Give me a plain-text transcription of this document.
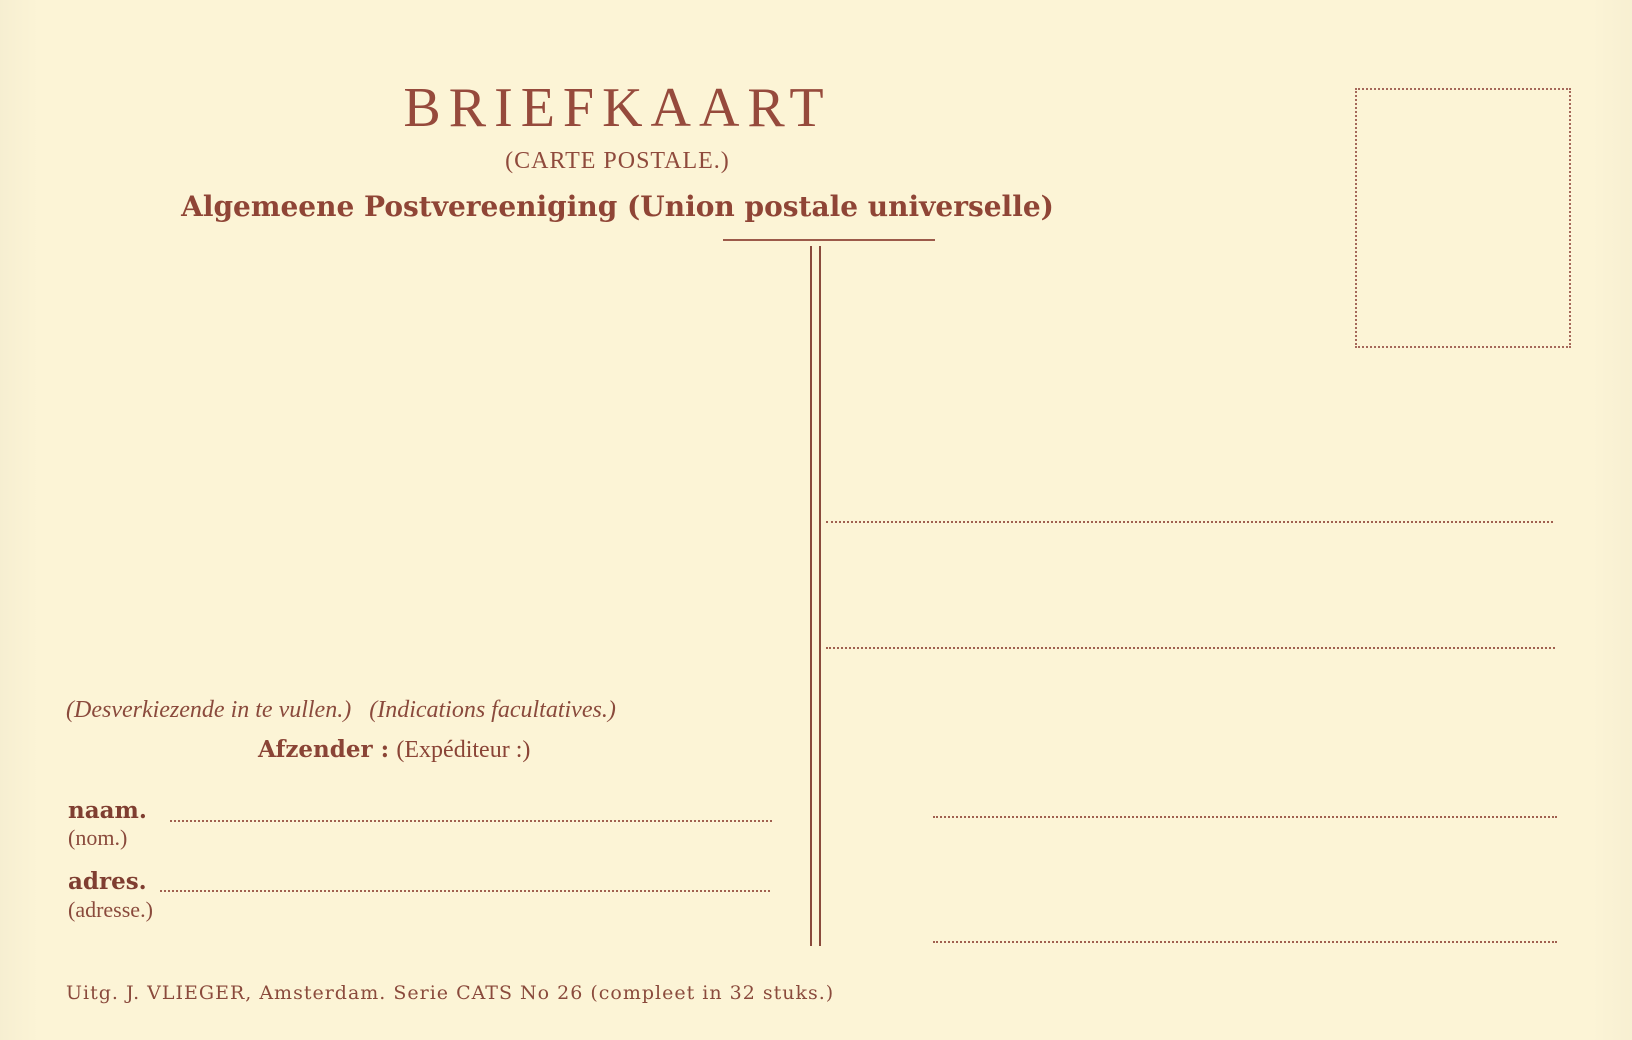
BRIEFKAART
(CARTE POSTALE.)
Algemeene Postvereeniging (Union postale universelle)
(Desverkiezende in te vullen.) (Indications facultatives.)
Afzender : (Expéditeur :)
naam.
(nom.)
adres.
(adresse.)
Uitg. J. VLIEGER, Amsterdam. Serie CATS No 26 (compleet in 32 stuks.)
